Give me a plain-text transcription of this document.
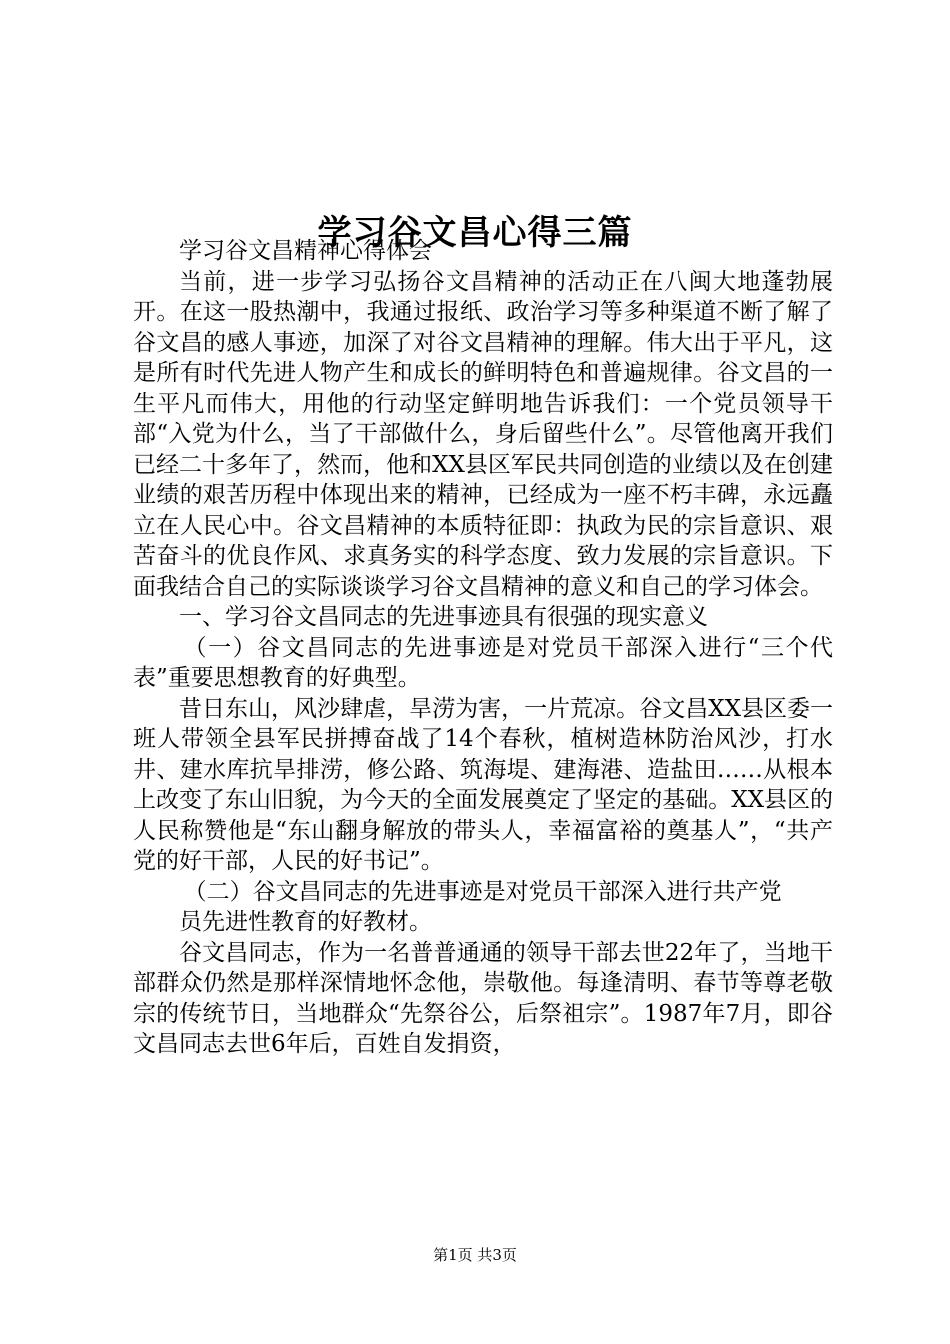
学习谷文昌心得三篇

学习谷文昌精神心得体会

当前，进一步学习弘扬谷文昌精神的活动正在八闽大地蓬勃展开。在这一股热潮中，我通过报纸、政治学习等多种渠道不断了解了谷文昌的感人事迹，加深了对谷文昌精神的理解。伟大出于平凡，这是所有时代先进人物产生和成长的鲜明特色和普遍规律。谷文昌的一生平凡而伟大，用他的行动坚定鲜明地告诉我们：一个党员领导干部“入党为什么，当了干部做什么，身后留些什么”。尽管他离开我们已经二十多年了，然而，他和XX县区军民共同创造的业绩以及在创建业绩的艰苦历程中体现出来的精神，已经成为一座不朽丰碑，永远矗立在人民心中。谷文昌精神的本质特征即：执政为民的宗旨意识、艰苦奋斗的优良作风、求真务实的科学态度、致力发展的宗旨意识。下面我结合自己的实际谈谈学习谷文昌精神的意义和自己的学习体会。

一、学习谷文昌同志的先进事迹具有很强的现实意义

（一）谷文昌同志的先进事迹是对党员干部深入进行“三个代表”重要思想教育的好典型。

昔日东山，风沙肆虐，旱涝为害，一片荒凉。谷文昌XX县区委一班人带领全县军民拼搏奋战了14个春秋，植树造林防治风沙，打水井、建水库抗旱排涝，修公路、筑海堤、建海港、造盐田……从根本上改变了东山旧貌，为今天的全面发展奠定了坚定的基础。XX县区的人民称赞他是“东山翻身解放的带头人，幸福富裕的奠基人”，“共产党的好干部，人民的好书记”。

（二）谷文昌同志的先进事迹是对党员干部深入进行共产党

员先进性教育的好教材。

谷文昌同志，作为一名普普通通的领导干部去世22年了，当地干部群众仍然是那样深情地怀念他，崇敬他。每逢清明、春节等尊老敬宗的传统节日，当地群众“先祭谷公，后祭祖宗”。1987年7月，即谷文昌同志去世6年后，百姓自发捐资，

第1页 共3页
